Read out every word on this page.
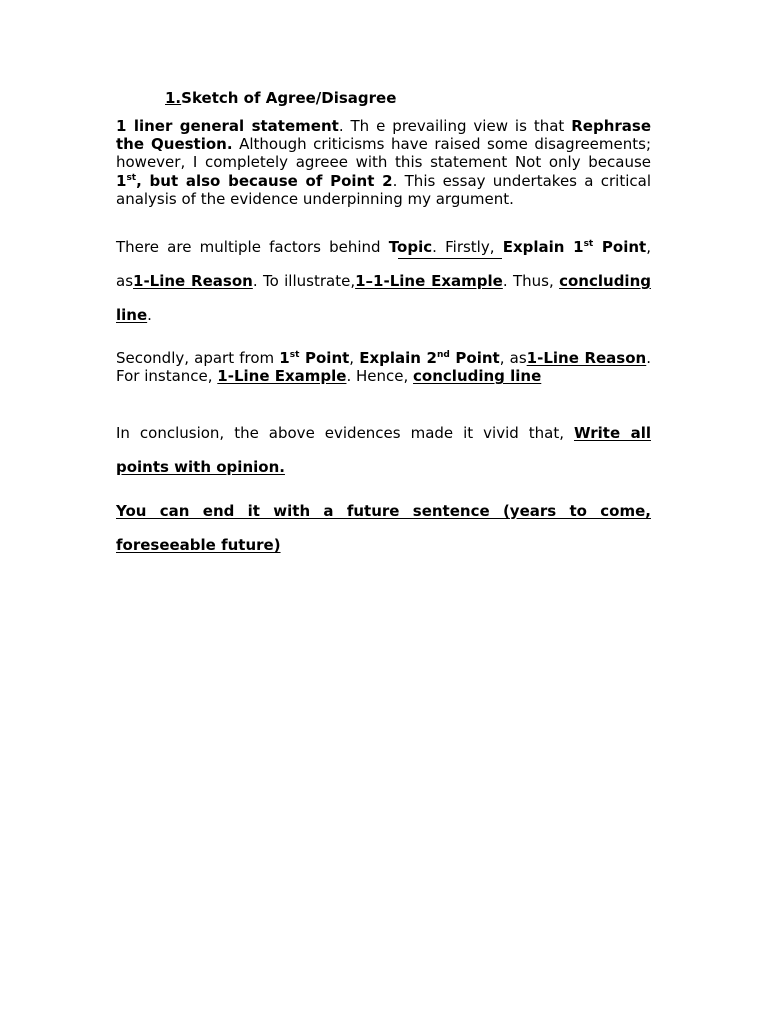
1.Sketch of Agree/Disagree

1 liner general statement. Th e prevailing view is that Rephrase the Question. Although criticisms have raised some disagreements; however, I completely agreee with this statement Not only because 1st, but also because of Point 2. This essay undertakes a critical analysis of the evidence underpinning my argument.

There are multiple factors behind Topic. Firstly, Explain 1st Point, as1-Line Reason. To illustrate,1–1-Line Example. Thus, concluding line.

Secondly, apart from 1st Point, Explain 2nd Point, as1-Line Reason. For instance, 1-Line Example. Hence, concluding line

In conclusion, the above evidences made it vivid that, Write all points with opinion.

You can end it with a future sentence (years to come, foreseeable future)
